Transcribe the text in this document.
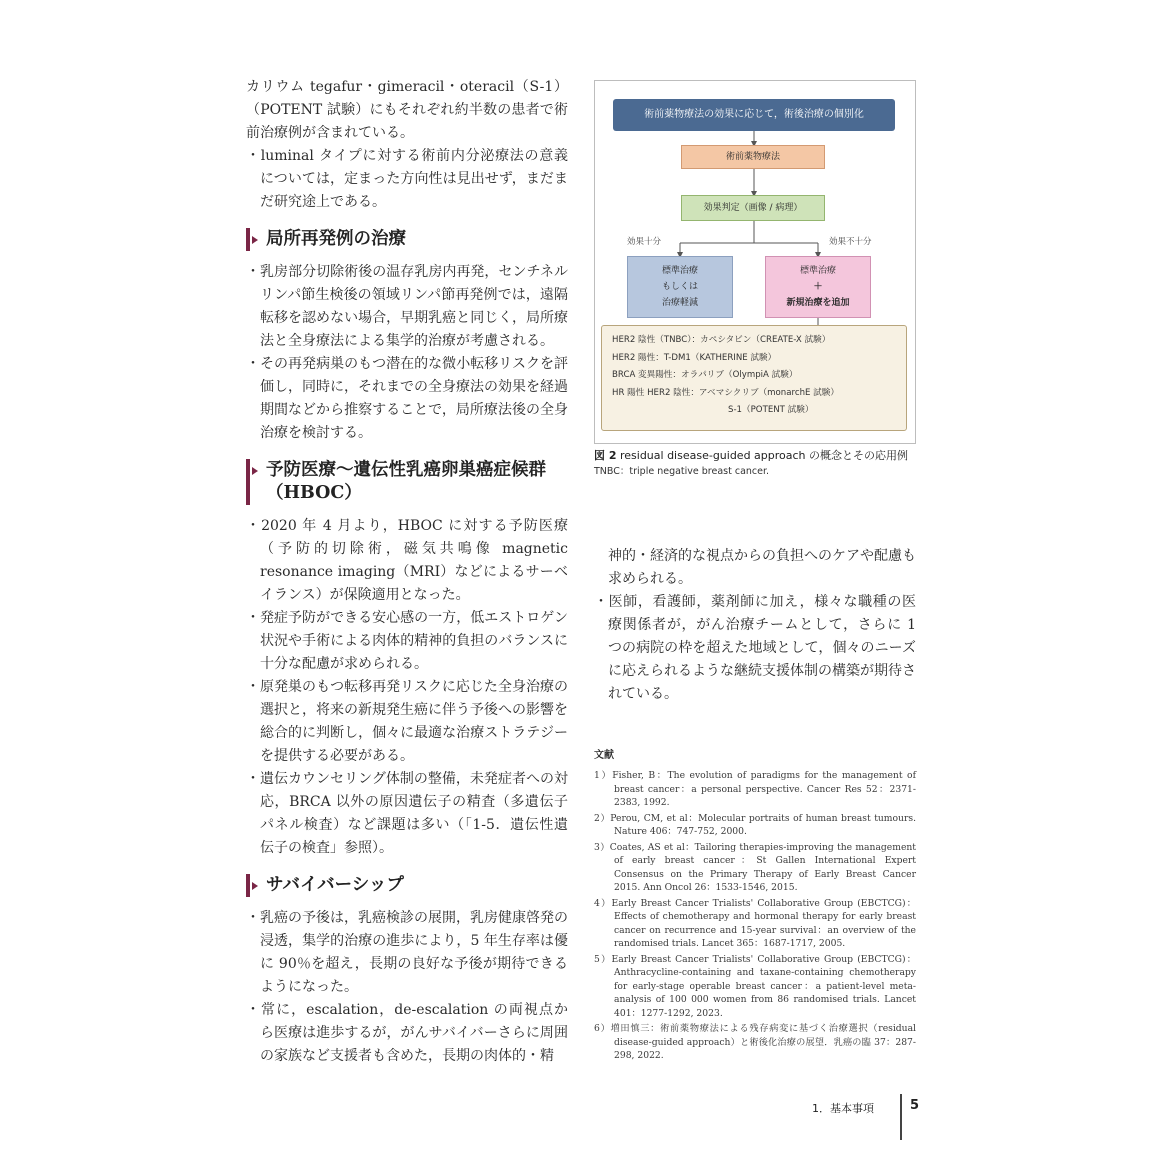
カリウム tegafur・gimeracil・oteracil（S-1）（POTENT 試験）にもそれぞれ約半数の患者で術前治療例が含まれている。

・luminal タイプに対する術前内分泌療法の意義については，定まった方向性は見出せず，まだまだ研究途上である。

局所再発例の治療

・乳房部分切除術後の温存乳房内再発，センチネルリンパ節生検後の領域リンパ節再発例では，遠隔転移を認めない場合，早期乳癌と同じく，局所療法と全身療法による集学的治療が考慮される。

・その再発病巣のもつ潜在的な微小転移リスクを評価し，同時に，それまでの全身療法の効果を経過期間などから推察することで，局所療法後の全身治療を検討する。

予防医療～遺伝性乳癌卵巣癌症候群（HBOC）

・2020 年 4 月より，HBOC に対する予防医療（予防的切除術，磁気共鳴像 magnetic resonance imaging（MRI）などによるサーベイランス）が保険適用となった。

・発症予防ができる安心感の一方，低エストロゲン状況や手術による肉体的精神的負担のバランスに十分な配慮が求められる。

・原発巣のもつ転移再発リスクに応じた全身治療の選択と，将来の新規発生癌に伴う予後への影響を総合的に判断し，個々に最適な治療ストラテジーを提供する必要がある。

・遺伝カウンセリング体制の整備，未発症者への対応，BRCA 以外の原因遺伝子の精査（多遺伝子パネル検査）など課題は多い（「1-5．遺伝性遺伝子の検査」参照）。

サバイバーシップ

・乳癌の予後は，乳癌検診の展開，乳房健康啓発の浸透，集学的治療の進歩により，5 年生存率は優に 90％を超え，長期の良好な予後が期待できるようになった。

・常に，escalation，de-escalation の両視点から医療は進歩するが，がんサバイバーさらに周囲の家族など支援者も含めた，長期の肉体的・精

術前薬物療法の効果に応じて，術後治療の個別化
術前薬物療法
効果判定（画像 / 病理）
効果十分	効果不十分
標準治療
もしくは
治療軽減
標準治療
＋
新規治療を追加
HER2 陰性（TNBC）：カペシタビン（CREATE-X 試験）
HER2 陽性：T-DM1（KATHERINE 試験）
BRCA 変異陽性：オラパリブ（OlympiA 試験）
HR 陽性 HER2 陰性：アベマシクリブ（monarchE 試験）
S-1（POTENT 試験）
図 2 residual disease-guided approach の概念とその応用例
TNBC：triple negative breast cancer.

神的・経済的な視点からの負担へのケアや配慮も求められる。

・医師，看護師，薬剤師に加え，様々な職種の医療関係者が，がん治療チームとして，さらに 1 つの病院の枠を超えた地域として，個々のニーズに応えられるような継続支援体制の構築が期待されている。

文献

1）Fisher, B：The evolution of paradigms for the management of breast cancer：a personal perspective. Cancer Res 52：2371-2383, 1992.

2）Perou, CM, et al：Molecular portraits of human breast tumours. Nature 406：747-752, 2000.

3）Coates, AS et al：Tailoring therapies-improving the management of early breast cancer：St Gallen International Expert Consensus on the Primary Therapy of Early Breast Cancer 2015. Ann Oncol 26：1533-1546, 2015.

4）Early Breast Cancer Trialists' Collaborative Group (EBCTCG)：Effects of chemotherapy and hormonal therapy for early breast cancer on recurrence and 15-year survival：an overview of the randomised trials. Lancet 365：1687-1717, 2005.

5）Early Breast Cancer Trialists' Collaborative Group (EBCTCG)：Anthracycline-containing and taxane-containing chemotherapy for early-stage operable breast cancer：a patient-level meta-analysis of 100 000 women from 86 randomised trials. Lancet 401：1277-1292, 2023.

6）増田慎三：術前薬物療法による残存病変に基づく治療選択（residual disease-guided approach）と術後化治療の展望．乳癌の臨 37：287-298, 2022.

1．基本事項	5
